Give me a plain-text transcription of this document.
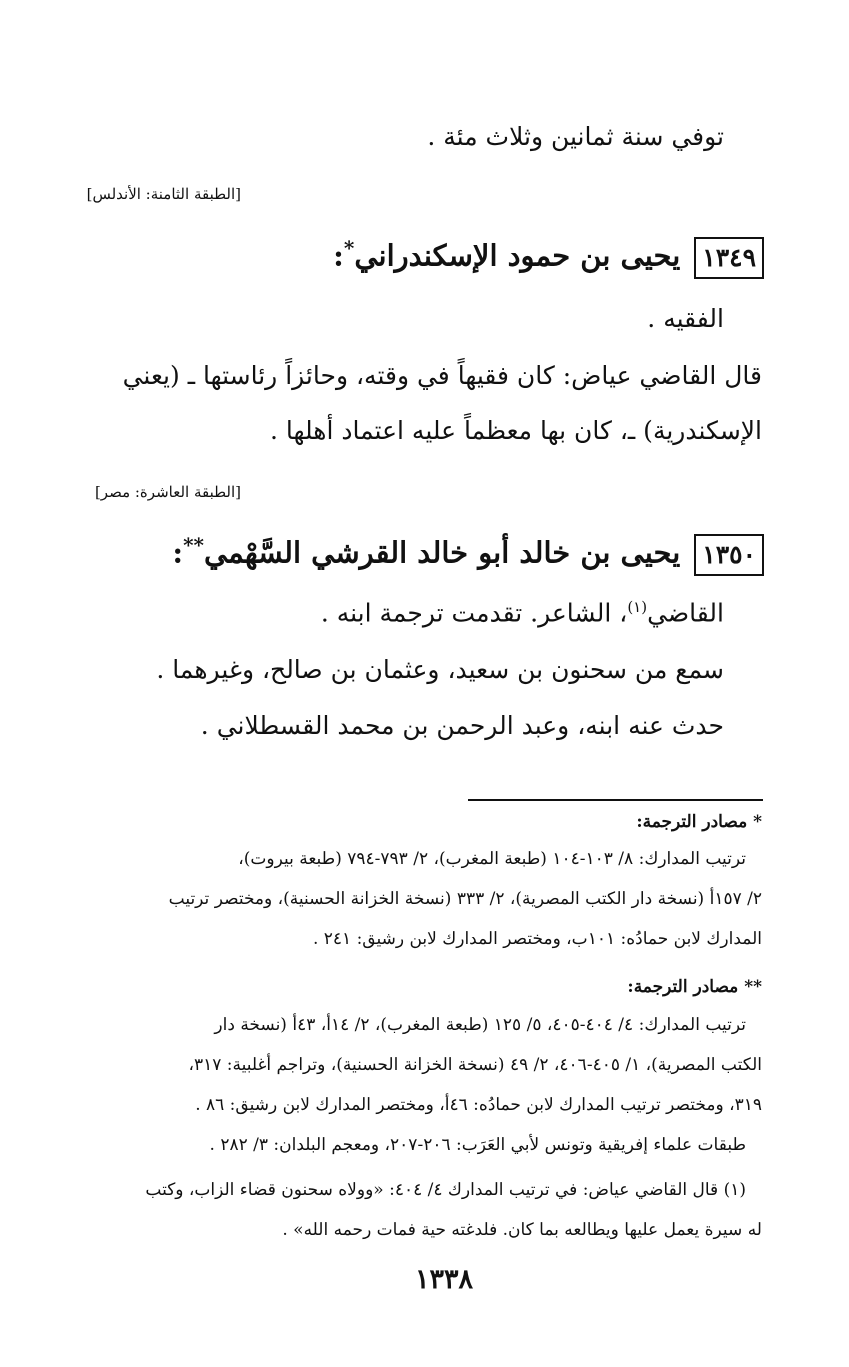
توفي سنة ثمانين وثلاث مئة .
[الطبقة الثامنة: الأندلس]
١٣٤٩يحيى بن حمود الإسكندراني*:
الفقيه .
قال القاضي عياض: كان فقيهاً في وقته، وحائزاً رئاستها ـ (يعني
الإسكندرية) ـ، كان بها معظماً عليه اعتماد أهلها .
[الطبقة العاشرة: مصر]
١٣٥٠يحيى بن خالد أبو خالد القرشي السَّهْمي**:
القاضي$^{(١)}$، الشاعر. تقدمت ترجمة ابنه .
سمع من سحنون بن سعيد، وعثمان بن صالح، وغيرهما .
حدث عنه ابنه، وعبد الرحمن بن محمد القسطلاني .
* مصادر الترجمة:
ترتيب المدارك: ٨/ ١٠٣-١٠٤ (طبعة المغرب)، ٢/ ٧٩٣-٧٩٤ (طبعة بيروت)،
٢/ ١٥٧أ (نسخة دار الكتب المصرية)، ٢/ ٣٣٣ (نسخة الخزانة الحسنية)، ومختصر ترتيب
المدارك لابن حمادُه: ١٠١ب، ومختصر المدارك لابن رشيق: ٢٤١ .
** مصادر الترجمة:
ترتيب المدارك: ٤/ ٤٠٤-٤٠٥، ٥/ ١٢٥ (طبعة المغرب)، ٢/ ١٤أ، ٤٣أ (نسخة دار
الكتب المصرية)، ١/ ٤٠٥-٤٠٦، ٢/ ٤٩ (نسخة الخزانة الحسنية)، وتراجم أغلبية: ٣١٧،
٣١٩، ومختصر ترتيب المدارك لابن حمادُه: ٤٦أ، ومختصر المدارك لابن رشيق: ٨٦ .
طبقات علماء إفريقية وتونس لأبي العَرَب: ٢٠٦-٢٠٧، ومعجم البلدان: ٣/ ٢٨٢ .
(١) قال القاضي عياض: في ترتيب المدارك ٤/ ٤٠٤: «وولاه سحنون قضاء الزاب، وكتب
له سيرة يعمل عليها ويطالعه بما كان. فلدغته حية فمات رحمه الله» .
١٣٣٨
